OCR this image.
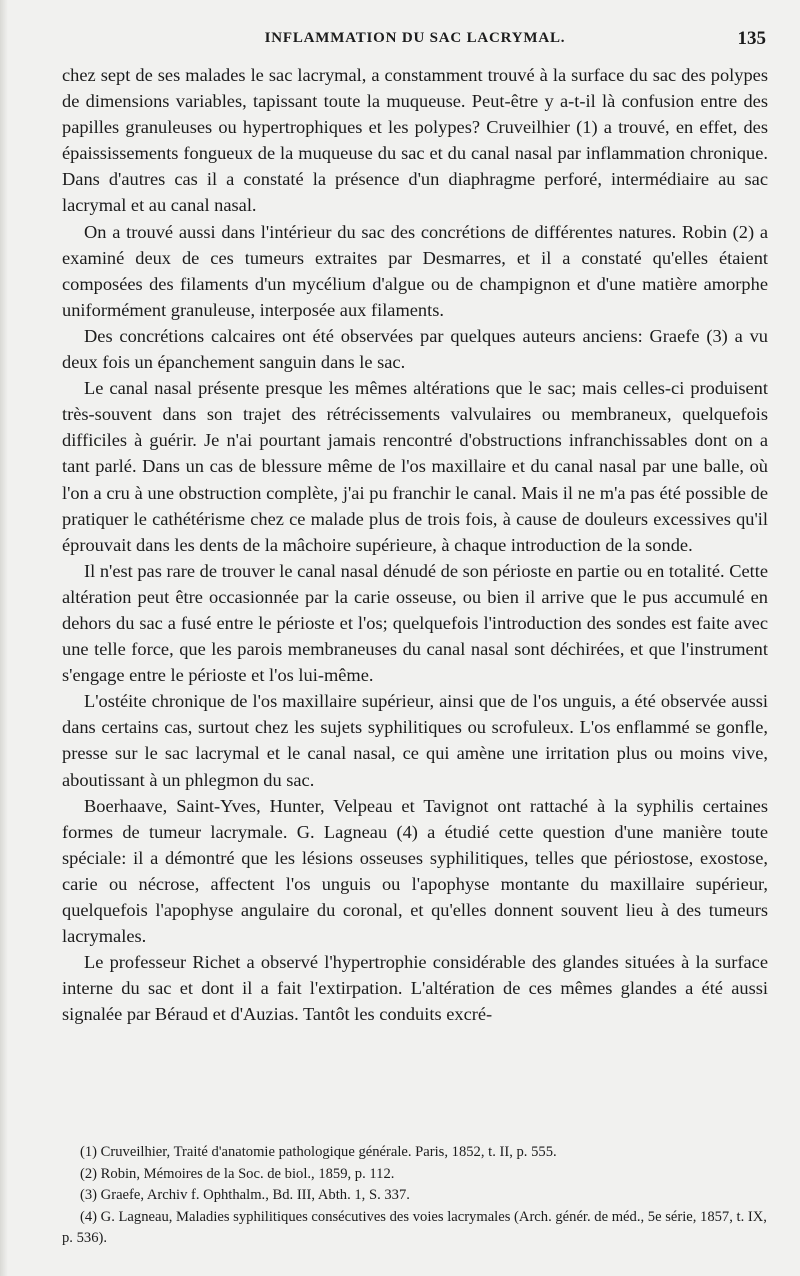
INFLAMMATION DU SAC LACRYMAL.	135

chez sept de ses malades le sac lacrymal, a constamment trouvé à la surface du sac des polypes de dimensions variables, tapissant toute la muqueuse. Peut-être y a-t-il là confusion entre des papilles granuleuses ou hypertrophiques et les polypes? Cruveilhier (1) a trouvé, en effet, des épaississements fongueux de la muqueuse du sac et du canal nasal par inflammation chronique. Dans d'autres cas il a constaté la présence d'un diaphragme perforé, intermédiaire au sac lacrymal et au canal nasal.

On a trouvé aussi dans l'intérieur du sac des concrétions de différentes natures. Robin (2) a examiné deux de ces tumeurs extraites par Desmarres, et il a constaté qu'elles étaient composées des filaments d'un mycélium d'algue ou de champignon et d'une matière amorphe uniformément granuleuse, interposée aux filaments.

Des concrétions calcaires ont été observées par quelques auteurs anciens: Graefe (3) a vu deux fois un épanchement sanguin dans le sac.

Le canal nasal présente presque les mêmes altérations que le sac; mais celles-ci produisent très-souvent dans son trajet des rétrécissements valvulaires ou membraneux, quelquefois difficiles à guérir. Je n'ai pourtant jamais rencontré d'obstructions infranchissables dont on a tant parlé. Dans un cas de blessure même de l'os maxillaire et du canal nasal par une balle, où l'on a cru à une obstruction complète, j'ai pu franchir le canal. Mais il ne m'a pas été possible de pratiquer le cathétérisme chez ce malade plus de trois fois, à cause de douleurs excessives qu'il éprouvait dans les dents de la mâchoire supérieure, à chaque introduction de la sonde.

Il n'est pas rare de trouver le canal nasal dénudé de son périoste en partie ou en totalité. Cette altération peut être occasionnée par la carie osseuse, ou bien il arrive que le pus accumulé en dehors du sac a fusé entre le périoste et l'os; quelquefois l'introduction des sondes est faite avec une telle force, que les parois membraneuses du canal nasal sont déchirées, et que l'instrument s'engage entre le périoste et l'os lui-même.

L'ostéite chronique de l'os maxillaire supérieur, ainsi que de l'os unguis, a été observée aussi dans certains cas, surtout chez les sujets syphilitiques ou scrofuleux. L'os enflammé se gonfle, presse sur le sac lacrymal et le canal nasal, ce qui amène une irritation plus ou moins vive, aboutissant à un phlegmon du sac.

Boerhaave, Saint-Yves, Hunter, Velpeau et Tavignot ont rattaché à la syphilis certaines formes de tumeur lacrymale. G. Lagneau (4) a étudié cette question d'une manière toute spéciale: il a démontré que les lésions osseuses syphilitiques, telles que périostose, exostose, carie ou nécrose, affectent l'os unguis ou l'apophyse montante du maxillaire supérieur, quelquefois l'apophyse angulaire du coronal, et qu'elles donnent souvent lieu à des tumeurs lacrymales.

Le professeur Richet a observé l'hypertrophie considérable des glandes situées à la surface interne du sac et dont il a fait l'extirpation. L'altération de ces mêmes glandes a été aussi signalée par Béraud et d'Auzias. Tantôt les conduits excré-

(1) Cruveilhier, Traité d'anatomie pathologique générale. Paris, 1852, t. II, p. 555.

(2) Robin, Mémoires de la Soc. de biol., 1859, p. 112.

(3) Graefe, Archiv f. Ophthalm., Bd. III, Abth. 1, S. 337.

(4) G. Lagneau, Maladies syphilitiques consécutives des voies lacrymales (Arch. génér. de méd., 5e série, 1857, t. IX, p. 536).
